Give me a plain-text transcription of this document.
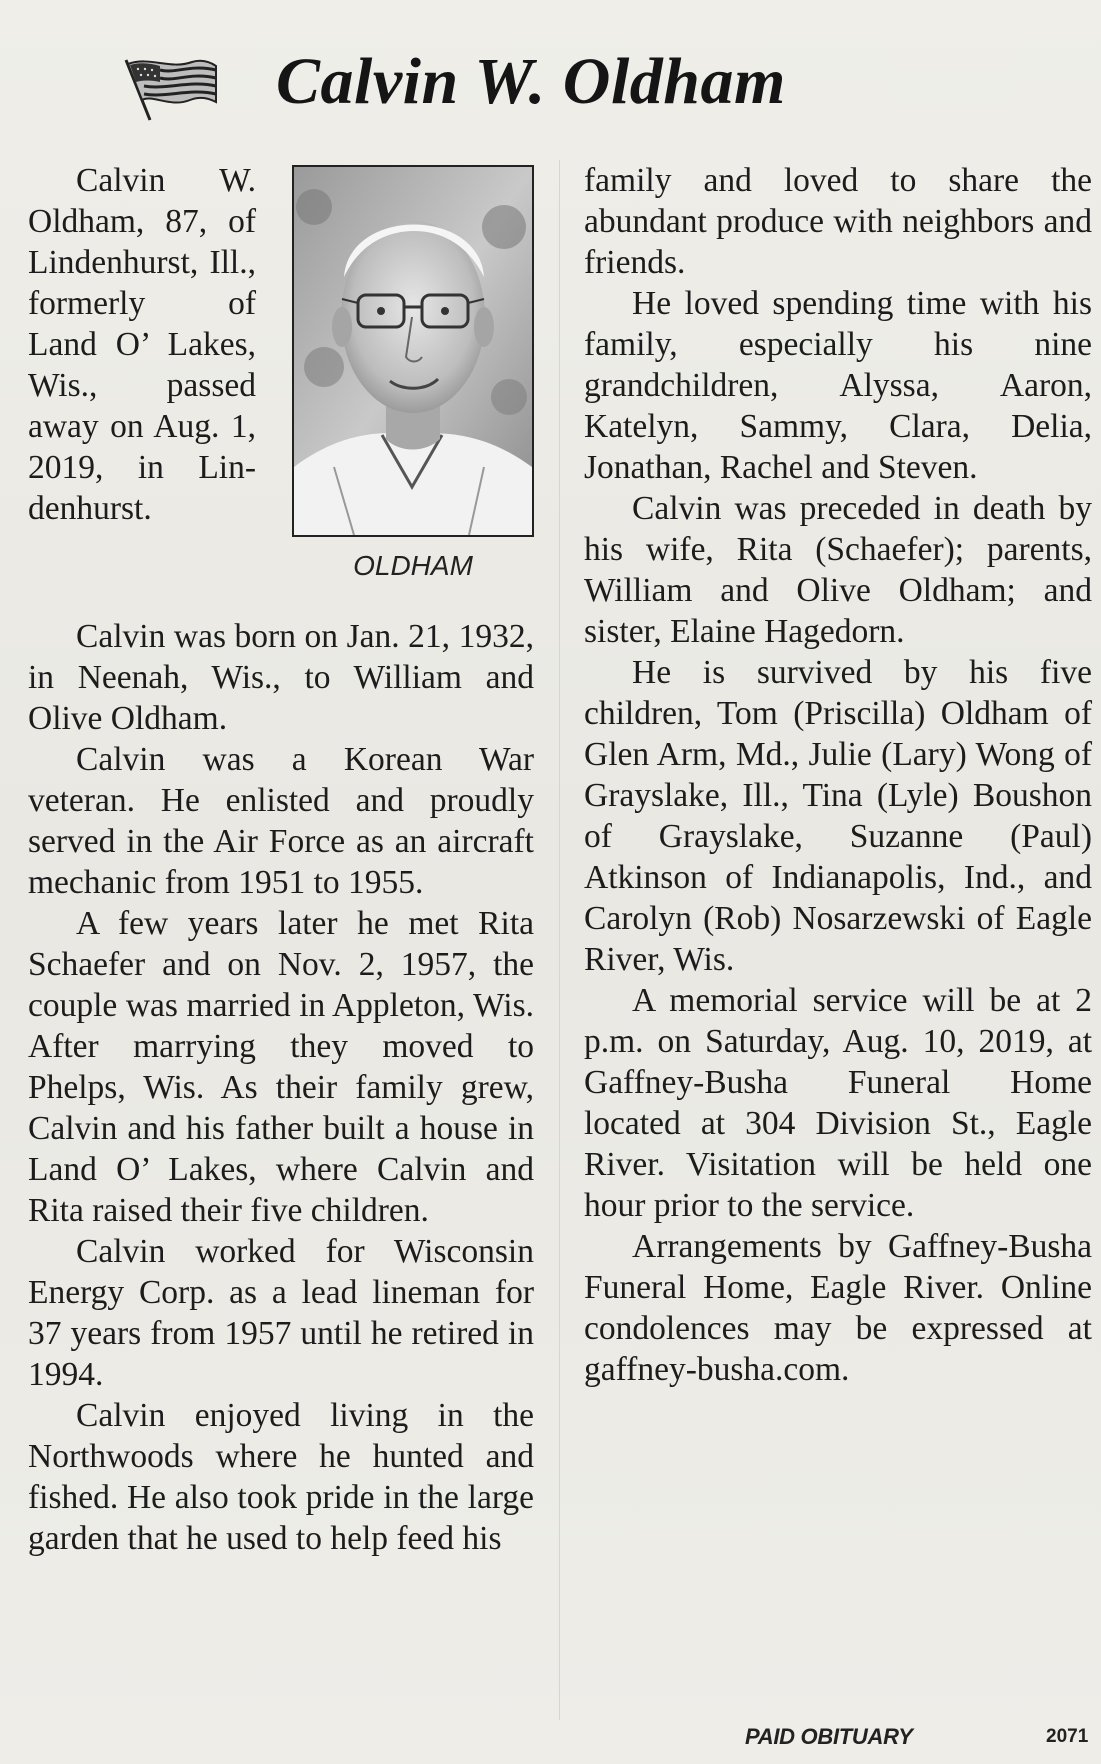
Calvin W. Oldham

Calvin W. Oldham, 87, of Lindenhurst, Ill., formerly of Land O’ Lakes, Wis., passed away on Aug. 1, 2019, in Lindenhurst.

OLDHAM

Calvin was born on Jan. 21, 1932, in Neenah, Wis., to William and Olive Oldham.

Calvin was a Korean War veteran. He enlisted and proudly served in the Air Force as an aircraft mechanic from 1951 to 1955.

A few years later he met Rita Schaefer and on Nov. 2, 1957, the couple was married in Appleton, Wis. After marrying they moved to Phelps, Wis. As their family grew, Calvin and his father built a house in Land O’ Lakes, where Calvin and Rita raised their five children.

Calvin worked for Wisconsin Energy Corp. as a lead lineman for 37 years from 1957 until he retired in 1994.

Calvin enjoyed living in the Northwoods where he hunted and fished. He also took pride in the large garden that he used to help feed his

family and loved to share the abundant produce with neighbors and friends.

He loved spending time with his family, especially his nine grandchildren, Alyssa, Aaron, Katelyn, Sammy, Clara, Delia, Jonathan, Rachel and Steven.

Calvin was preceded in death by his wife, Rita (Schaefer); parents, William and Olive Oldham; and sister, Elaine Hagedorn.

He is survived by his five children, Tom (Priscilla) Oldham of Glen Arm, Md., Julie (Lary) Wong of Grayslake, Ill., Tina (Lyle) Boushon of Grayslake, Suzanne (Paul) Atkinson of Indianapolis, Ind., and Carolyn (Rob) Nosarzewski of Eagle River, Wis.

A memorial service will be at 2 p.m. on Saturday, Aug. 10, 2019, at Gaffney-Busha Funeral Home located at 304 Division St., Eagle River. Visitation will be held one hour prior to the service.

Arrangements by Gaffney-Busha Funeral Home, Eagle River. Online condolences may be expressed at gaffney-busha.com.

PAID OBITUARY	2071
